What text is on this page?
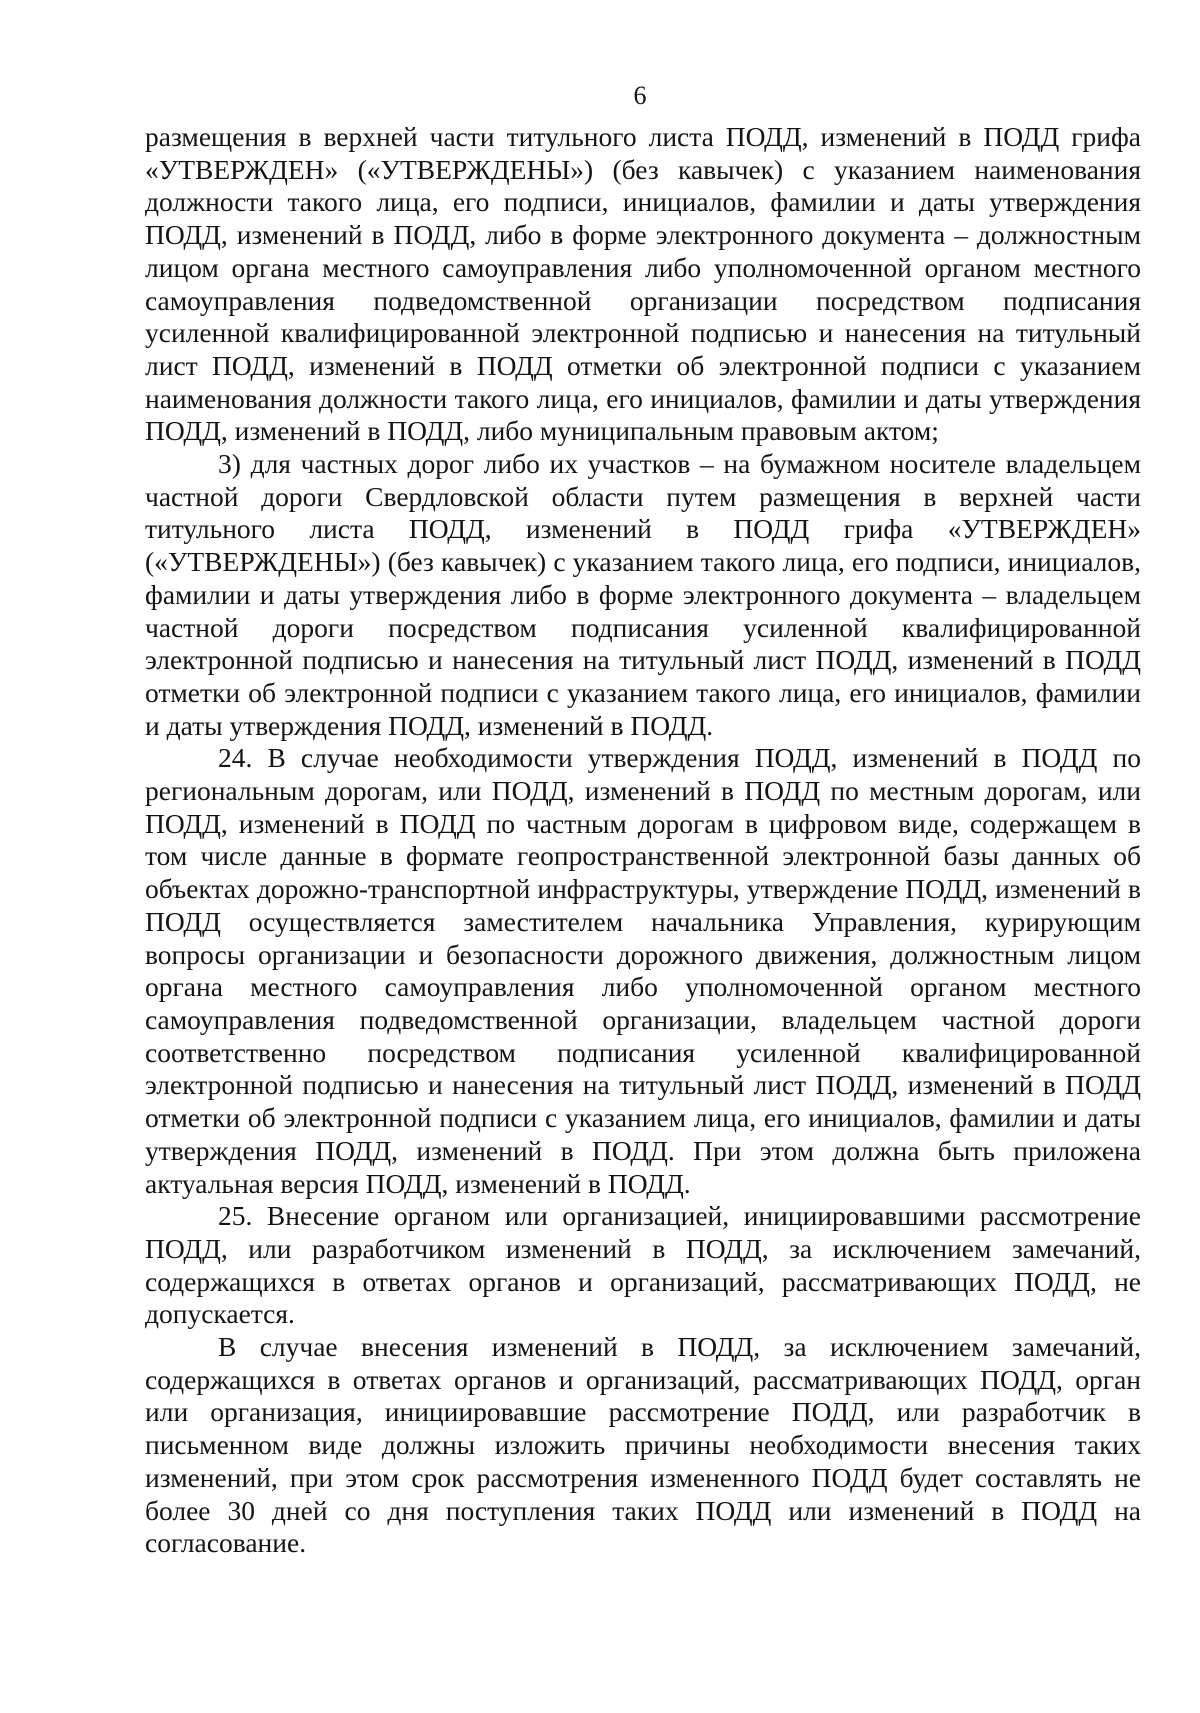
6

размещения в верхней части титульного листа ПОДД, изменений в ПОДД грифа «УТВЕРЖДЕН» («УТВЕРЖДЕНЫ») (без кавычек) с указанием наименования должности такого лица, его подписи, инициалов, фамилии и даты утверждения ПОДД, изменений в ПОДД, либо в форме электронного документа – должностным лицом органа местного самоуправления либо уполномоченной органом местного самоуправления подведомственной организации посредством подписания усиленной квалифицированной электронной подписью и нанесения на титульный лист ПОДД, изменений в ПОДД отметки об электронной подписи с указанием наименования должности такого лица, его инициалов, фамилии и даты утверждения ПОДД, изменений в ПОДД, либо муниципальным правовым актом;

3) для частных дорог либо их участков – на бумажном носителе владельцем частной дороги Свердловской области путем размещения в верхней части титульного листа ПОДД, изменений в ПОДД грифа «УТВЕРЖДЕН» («УТВЕРЖДЕНЫ») (без кавычек) с указанием такого лица, его подписи, инициалов, фамилии и даты утверждения либо в форме электронного документа – владельцем частной дороги посредством подписания усиленной квалифицированной электронной подписью и нанесения на титульный лист ПОДД, изменений в ПОДД отметки об электронной подписи с указанием такого лица, его инициалов, фамилии и даты утверждения ПОДД, изменений в ПОДД.

24. В случае необходимости утверждения ПОДД, изменений в ПОДД по региональным дорогам, или ПОДД, изменений в ПОДД по местным дорогам, или ПОДД, изменений в ПОДД по частным дорогам в цифровом виде, содержащем в том числе данные в формате геопространственной электронной базы данных об объектах дорожно-транспортной инфраструктуры, утверждение ПОДД, изменений в ПОДД осуществляется заместителем начальника Управления, курирующим вопросы организации и безопасности дорожного движения, должностным лицом органа местного самоуправления либо уполномоченной органом местного самоуправления подведомственной организации, владельцем частной дороги соответственно посредством подписания усиленной квалифицированной электронной подписью и нанесения на титульный лист ПОДД, изменений в ПОДД отметки об электронной подписи с указанием лица, его инициалов, фамилии и даты утверждения ПОДД, изменений в ПОДД. При этом должна быть приложена актуальная версия ПОДД, изменений в ПОДД.

25. Внесение органом или организацией, инициировавшими рассмотрение ПОДД, или разработчиком изменений в ПОДД, за исключением замечаний, содержащихся в ответах органов и организаций, рассматривающих ПОДД, не допускается.

В случае внесения изменений в ПОДД, за исключением замечаний, содержащихся в ответах органов и организаций, рассматривающих ПОДД, орган или организация, инициировавшие рассмотрение ПОДД, или разработчик в письменном виде должны изложить причины необходимости внесения таких изменений, при этом срок рассмотрения измененного ПОДД будет составлять не более 30 дней со дня поступления таких ПОДД или изменений в ПОДД на согласование.
